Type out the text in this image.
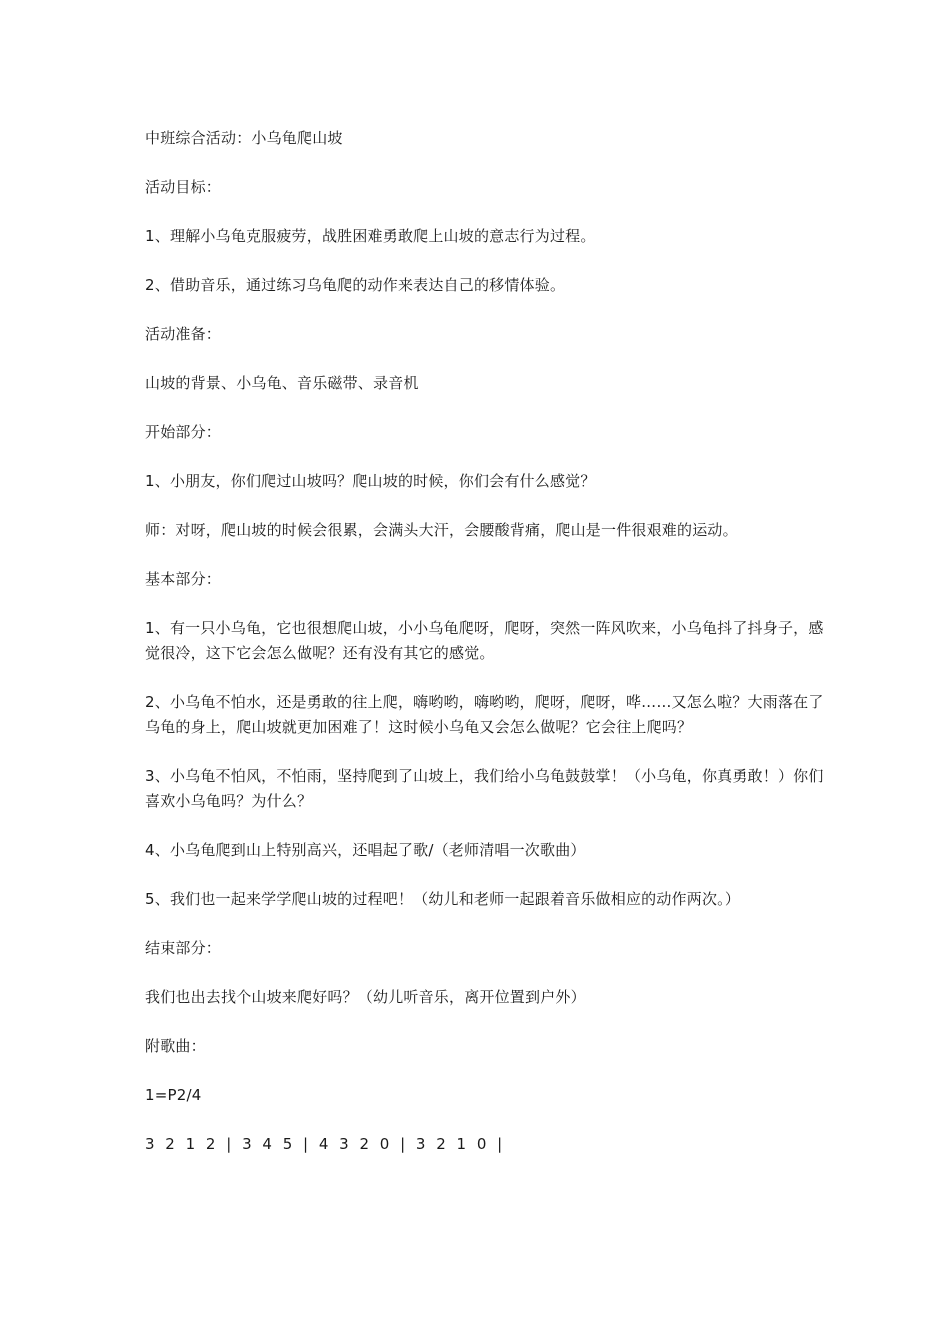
中班综合活动：小乌龟爬山坡

活动目标：

1、理解小乌龟克服疲劳，战胜困难勇敢爬上山坡的意志行为过程。

2、借助音乐，通过练习乌龟爬的动作来表达自己的移情体验。

活动准备：

山坡的背景、小乌龟、音乐磁带、录音机

开始部分：

1、小朋友，你们爬过山坡吗？爬山坡的时候，你们会有什么感觉？

师：对呀，爬山坡的时候会很累，会满头大汗，会腰酸背痛，爬山是一件很艰难的运动。

基本部分：

1、有一只小乌龟，它也很想爬山坡，小小乌龟爬呀，爬呀，突然一阵风吹来，小乌龟抖了抖身子，感觉很冷，这下它会怎么做呢？还有没有其它的感觉。

2、小乌龟不怕水，还是勇敢的往上爬，嗨哟哟，嗨哟哟，爬呀，爬呀，哗……又怎么啦？大雨落在了乌龟的身上，爬山坡就更加困难了！这时候小乌龟又会怎么做呢？它会往上爬吗？

3、小乌龟不怕风，不怕雨，坚持爬到了山坡上，我们给小乌龟鼓鼓掌！（小乌龟，你真勇敢！）你们喜欢小乌龟吗？为什么？

4、小乌龟爬到山上特别高兴，还唱起了歌/（老师清唱一次歌曲）

5、我们也一起来学学爬山坡的过程吧！（幼儿和老师一起跟着音乐做相应的动作两次。）

结束部分：

我们也出去找个山坡来爬好吗？（幼儿听音乐，离开位置到户外）

附歌曲：

1=P2/4

3 2 1 2 | 3 4 5 | 4 3 2 0 | 3 2 1 0 |
